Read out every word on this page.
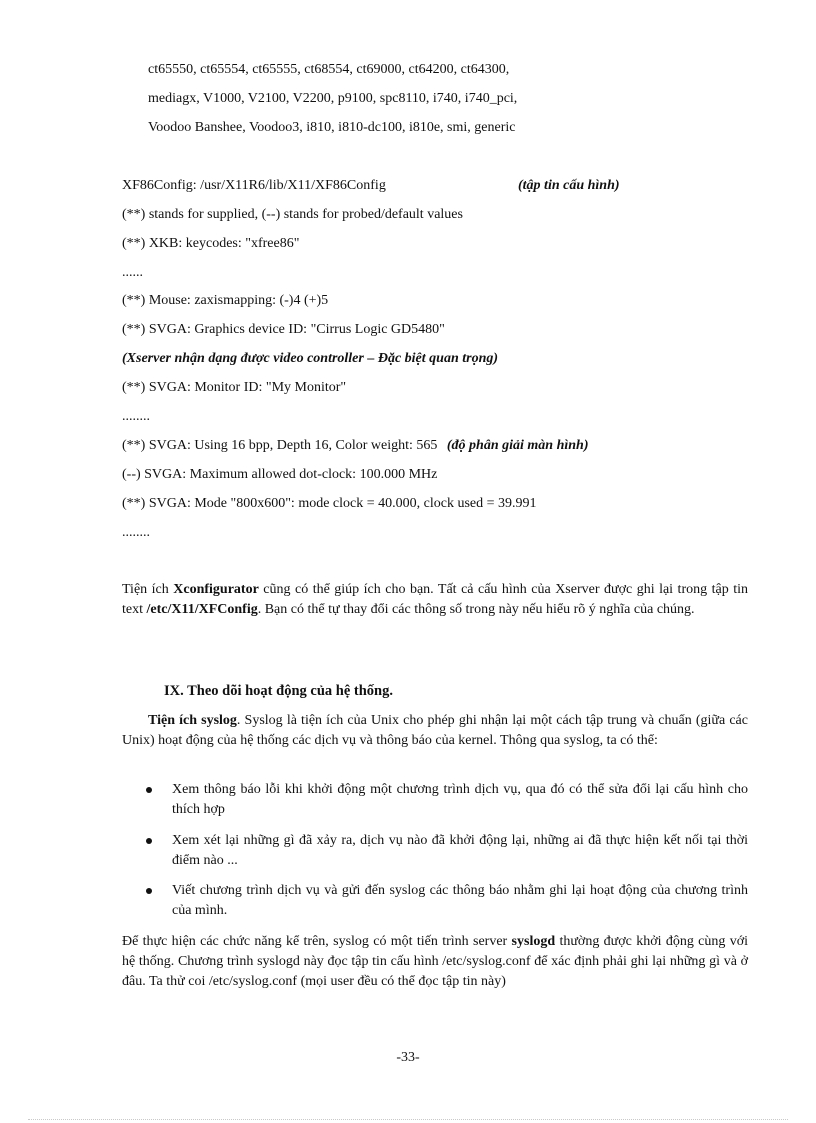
ct65550, ct65554, ct65555, ct68554, ct69000, ct64200, ct64300,
mediagx, V1000, V2100, V2200, p9100, spc8110, i740, i740_pci,
Voodoo Banshee, Voodoo3, i810, i810-dc100, i810e, smi, generic
XF86Config: /usr/X11R6/lib/X11/XF86Config	(tập tin cấu hình)
(**) stands for supplied, (--) stands for probed/default values
(**) XKB: keycodes: "xfree86"
......
(**) Mouse: zaxismapping: (-)4 (+)5
(**) SVGA: Graphics device ID: "Cirrus Logic GD5480"
(Xserver nhận dạng được video controller – Đặc biệt quan trọng)
(**) SVGA: Monitor ID: "My Monitor"
........
(**) SVGA: Using 16 bpp, Depth 16, Color weight: 565 (độ phân giải màn hình)
(--) SVGA: Maximum allowed dot-clock: 100.000 MHz
(**) SVGA: Mode "800x600": mode clock = 40.000, clock used = 39.991
........

Tiện ích Xconfigurator cũng có thể giúp ích cho bạn. Tất cả cấu hình của Xserver được ghi lại trong tập tin text /etc/X11/XFConfig. Bạn có thể tự thay đổi các thông số trong này nếu hiểu rõ ý nghĩa của chúng.

IX. Theo dõi hoạt động của hệ thống.

Tiện ích syslog. Syslog là tiện ích của Unix cho phép ghi nhận lại một cách tập trung và chuẩn (giữa các Unix) hoạt động của hệ thống các dịch vụ và thông báo của kernel. Thông qua syslog, ta có thể:

Xem thông báo lỗi khi khởi động một chương trình dịch vụ, qua đó có thể sửa đổi lại cấu hình cho thích hợp
Xem xét lại những gì đã xảy ra, dịch vụ nào đã khởi động lại, những ai đã thực hiện kết nối tại thời điểm nào ...
Viết chương trình dịch vụ và gửi đến syslog các thông báo nhằm ghi lại hoạt động của chương trình của mình.

Để thực hiện các chức năng kể trên, syslog có một tiến trình server syslogd thường được khởi động cùng với hệ thống. Chương trình syslogd này đọc tập tin cấu hình /etc/syslog.conf để xác định phải ghi lại những gì và ở đâu. Ta thử coi /etc/syslog.conf (mọi user đều có thể đọc tập tin này)

-33-
